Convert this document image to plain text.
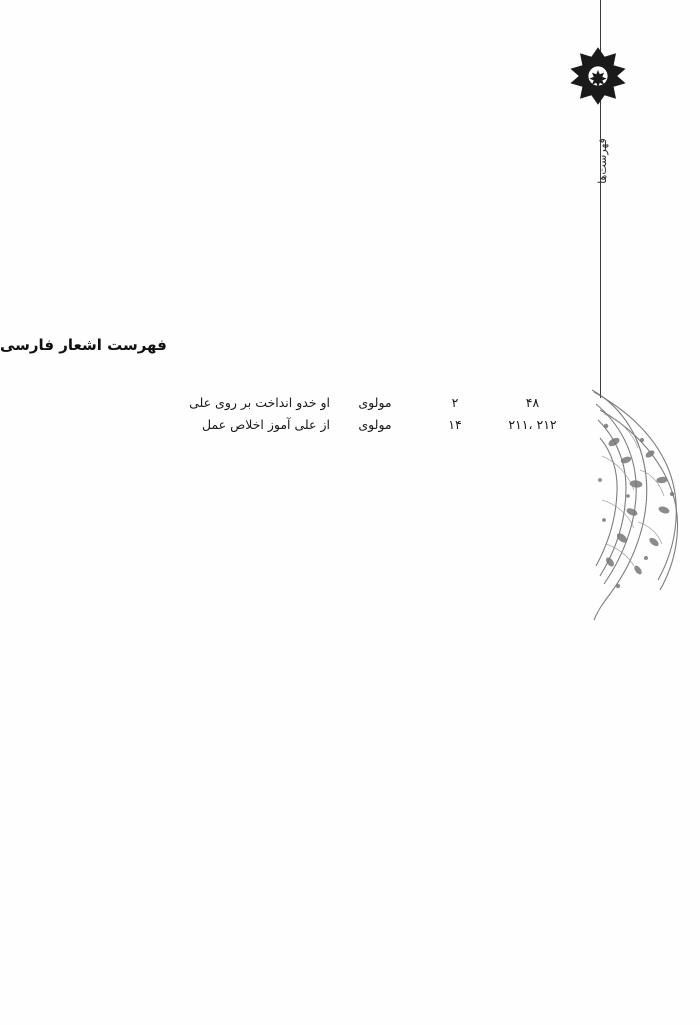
فهرست‌ها
فهرست اشعار فارسی
۴۸	۲	مولوی	او خدو انداخت بر روی علی
۲۱۲ ،۲۱۱	۱۴	مولوی	از علی آموز اخلاص عمل
